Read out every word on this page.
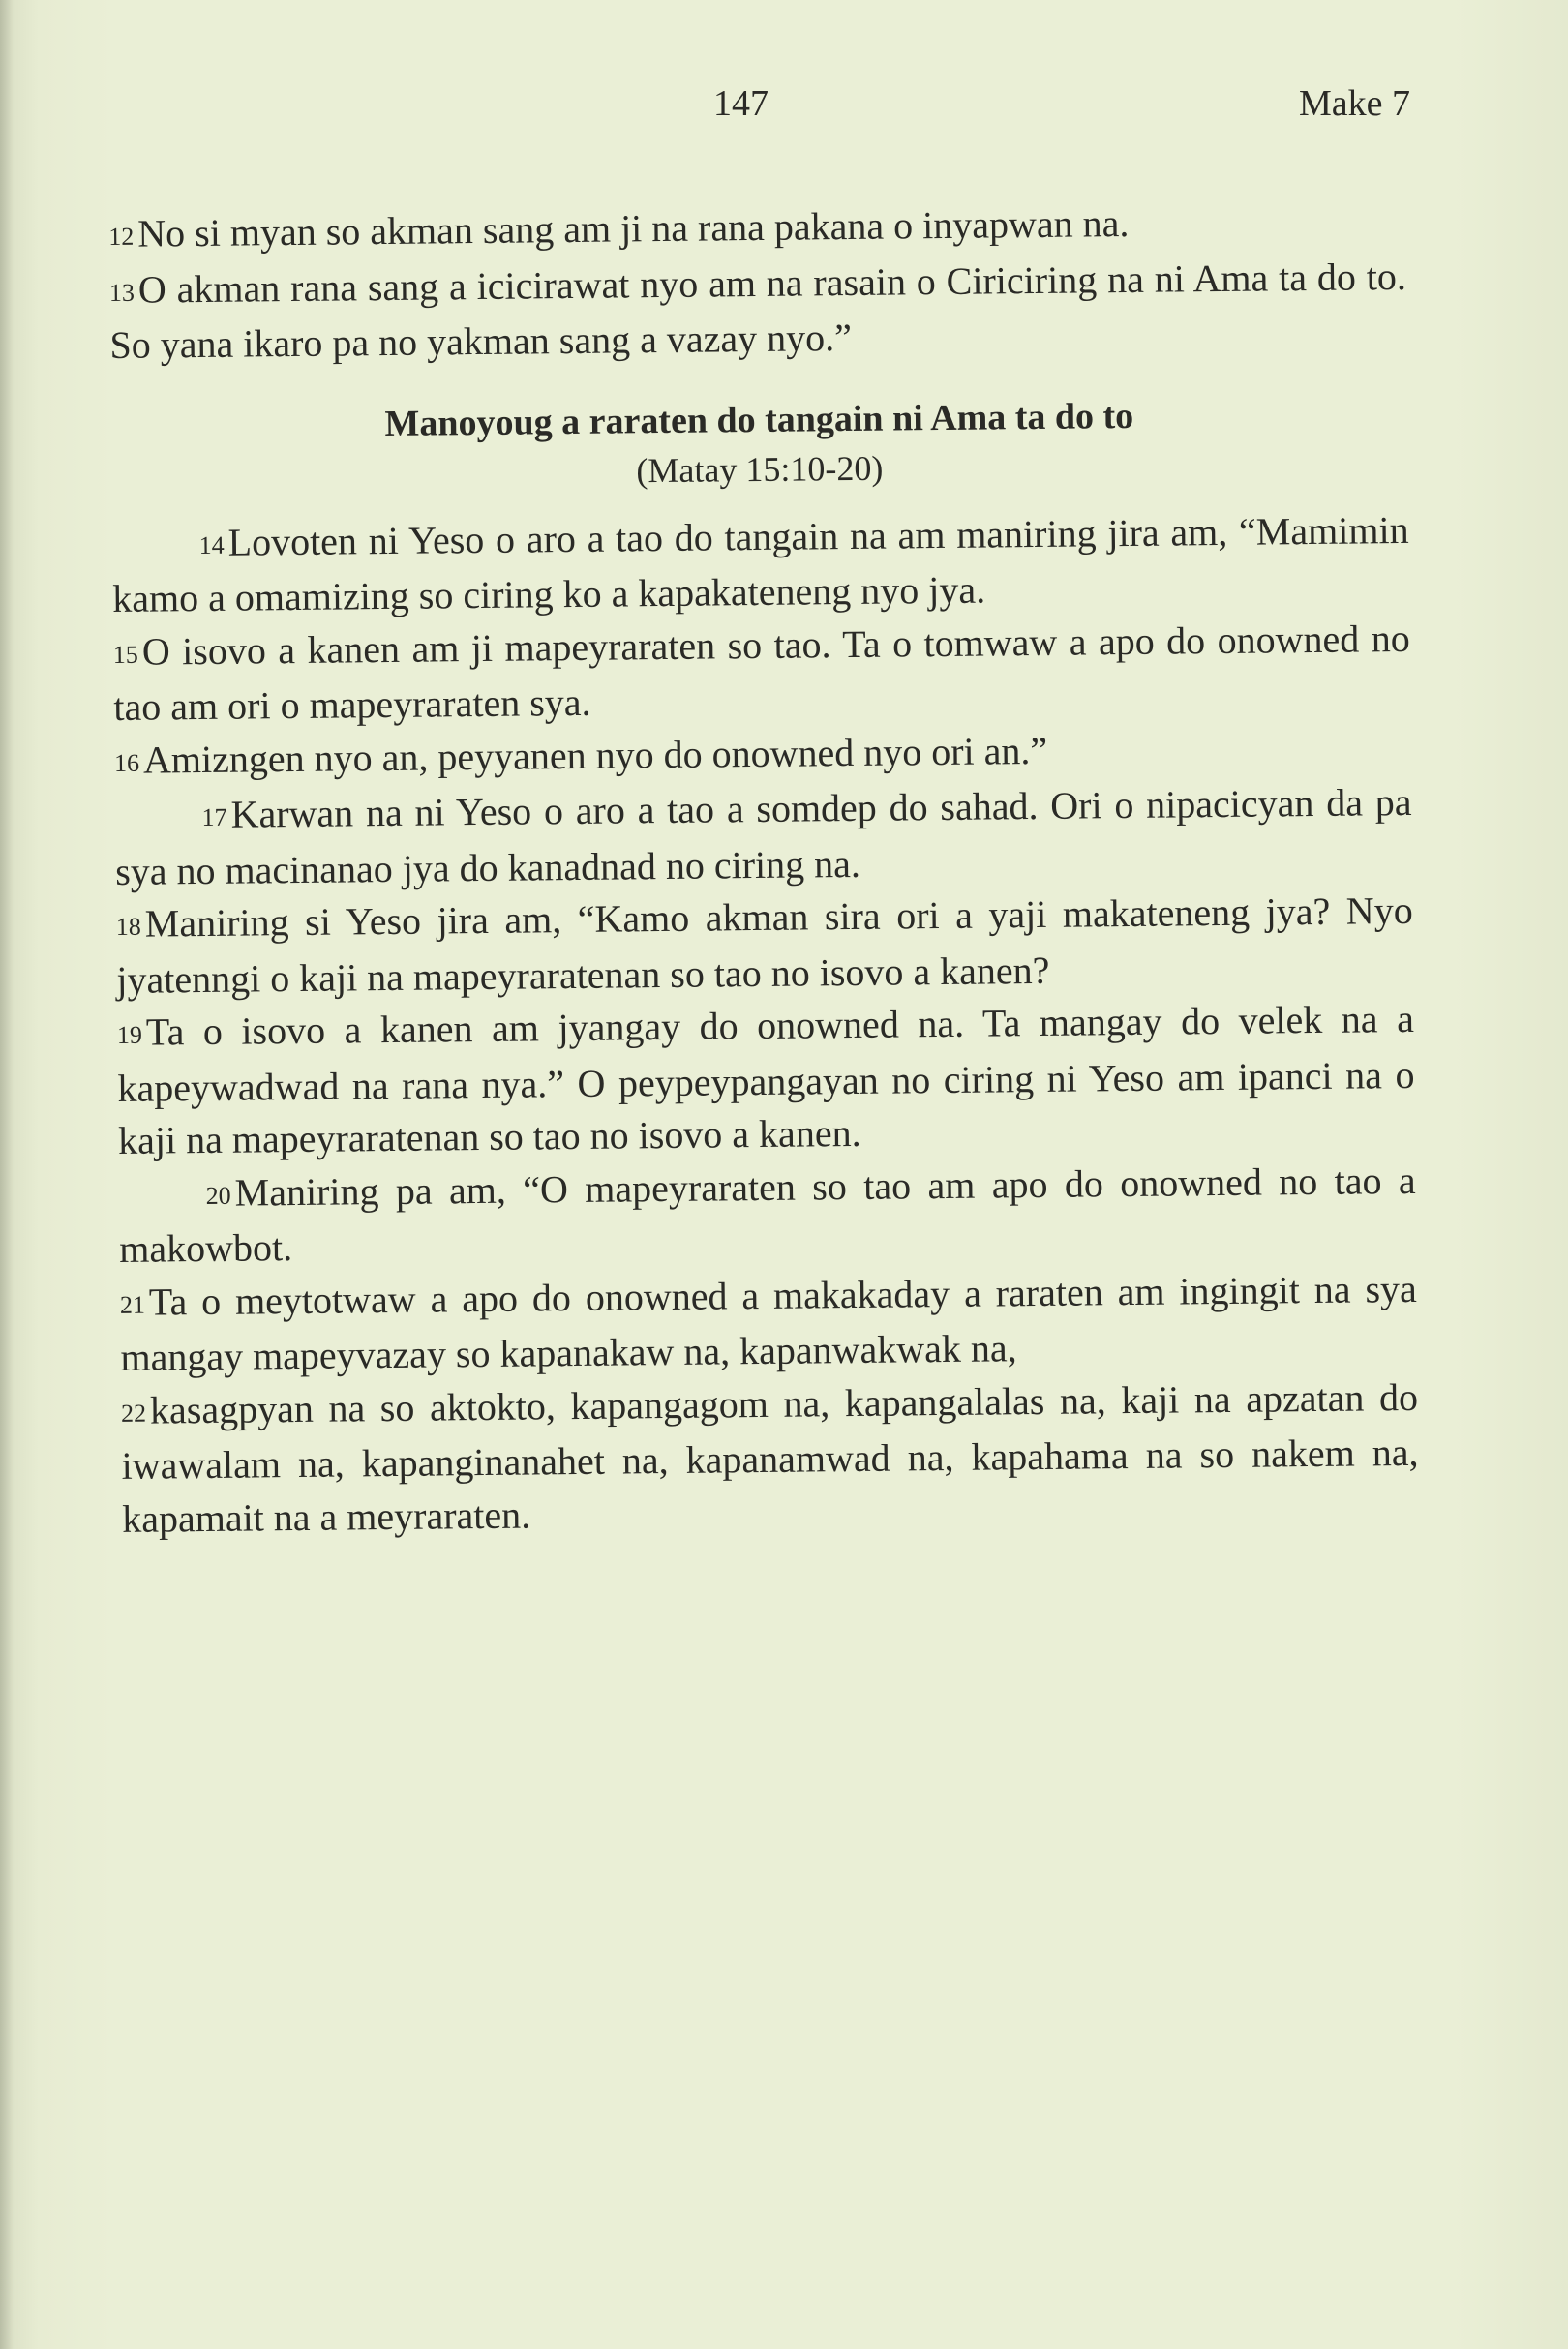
147	Make 7

12No si myan so akman sang am ji na rana pakana o inyapwan na.

13O akman rana sang a icicirawat nyo am na rasain o Ciriciring na ni Ama ta do to. So yana ikaro pa no yakman sang a vazay nyo.”

Manoyoug a raraten do tangain ni Ama ta do to

(Matay 15:10-20)

14Lovoten ni Yeso o aro a tao do tangain na am maniring jira am, “Mamimin kamo a omamizing so ciring ko a kapakateneng nyo jya.

15O isovo a kanen am ji mapeyraraten so tao. Ta o tomwaw a apo do onowned no tao am ori o mapeyraraten sya.

16Amizngen nyo an, peyyanen nyo do onowned nyo ori an.”

17Karwan na ni Yeso o aro a tao a somdep do sahad. Ori o nipacicyan da pa sya no macinanao jya do kanadnad no ciring na.

18Maniring si Yeso jira am, “Kamo akman sira ori a yaji makateneng jya? Nyo jyatenngi o kaji na mapeyraratenan so tao no isovo a kanen?

19Ta o isovo a kanen am jyangay do onowned na. Ta mangay do velek na a kapeywadwad na rana nya.” O peypeypangayan no ciring ni Yeso am ipanci na o kaji na mapeyraratenan so tao no isovo a kanen.

20Maniring pa am, “O mapeyraraten so tao am apo do onowned no tao a makowbot.

21Ta o meytotwaw a apo do onowned a makakaday a raraten am ingingit na sya mangay mapeyvazay so kapanakaw na, kapanwakwak na,

22kasagpyan na so aktokto, kapangagom na, kapangalalas na, kaji na apzatan do iwawalam na, kapanginanahet na, kapanamwad na, kapahama na so nakem na, kapamait na a meyraraten.
